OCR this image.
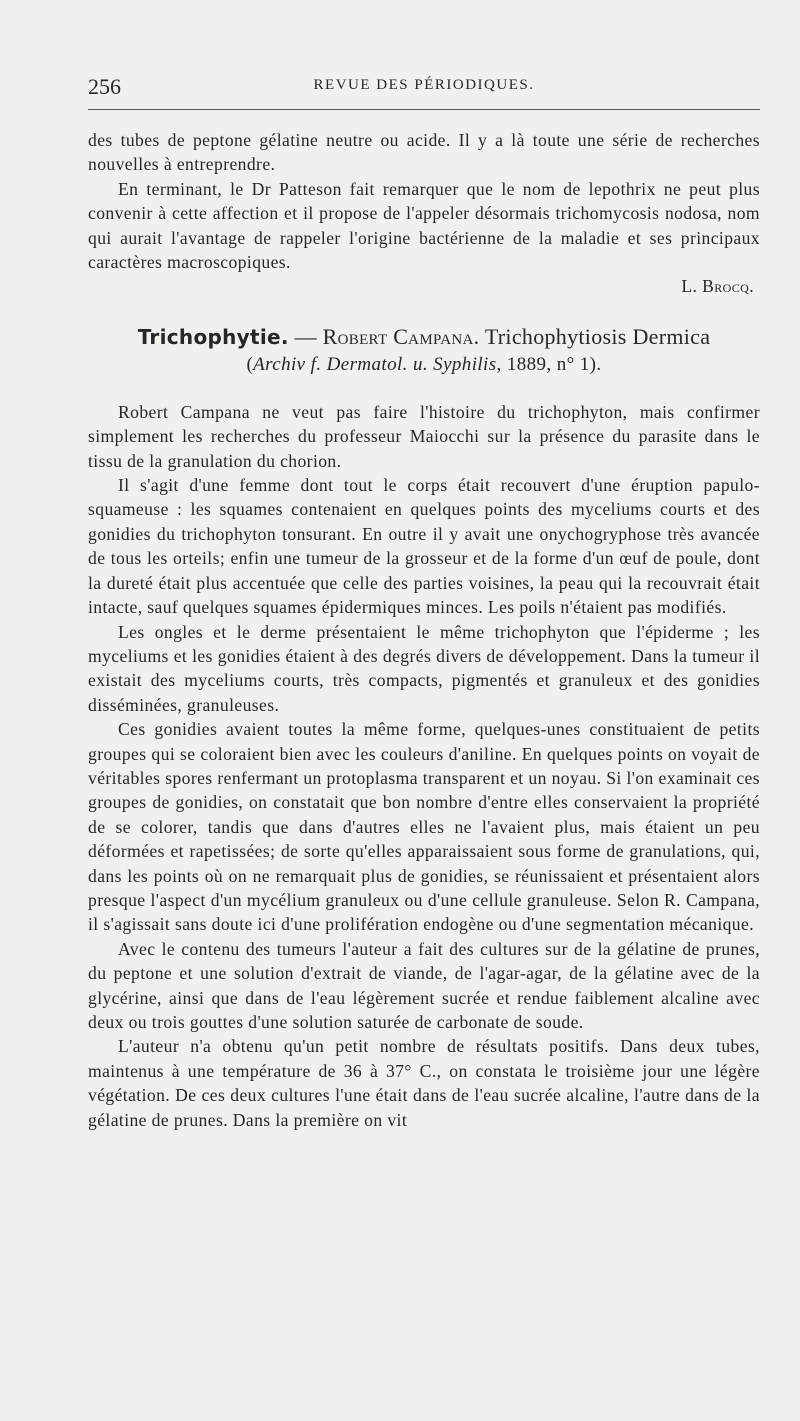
256	REVUE DES PÉRIODIQUES.

des tubes de peptone gélatine neutre ou acide. Il y a là toute une série de recherches nouvelles à entreprendre.

En terminant, le Dr Patteson fait remarquer que le nom de lepothrix ne peut plus convenir à cette affection et il propose de l'appeler désormais trichomycosis nodosa, nom qui aurait l'avantage de rappeler l'origine bactérienne de la maladie et ses principaux caractères macroscopiques.

L. Brocq.

Trichophytie. — Robert Campana. Trichophytiosis Dermica
(Archiv f. Dermatol. u. Syphilis, 1889, n° 1).

Robert Campana ne veut pas faire l'histoire du trichophyton, mais confirmer simplement les recherches du professeur Maiocchi sur la présence du parasite dans le tissu de la granulation du chorion.

Il s'agit d'une femme dont tout le corps était recouvert d'une éruption papulo-squameuse : les squames contenaient en quelques points des myceliums courts et des gonidies du trichophyton tonsurant. En outre il y avait une onychogryphose très avancée de tous les orteils; enfin une tumeur de la grosseur et de la forme d'un œuf de poule, dont la dureté était plus accentuée que celle des parties voisines, la peau qui la recouvrait était intacte, sauf quelques squames épidermiques minces. Les poils n'étaient pas modifiés.

Les ongles et le derme présentaient le même trichophyton que l'épiderme ; les myceliums et les gonidies étaient à des degrés divers de développement. Dans la tumeur il existait des myceliums courts, très compacts, pigmentés et granuleux et des gonidies disséminées, granuleuses.

Ces gonidies avaient toutes la même forme, quelques-unes constituaient de petits groupes qui se coloraient bien avec les couleurs d'aniline. En quelques points on voyait de véritables spores renfermant un protoplasma transparent et un noyau. Si l'on examinait ces groupes de gonidies, on constatait que bon nombre d'entre elles conservaient la propriété de se colorer, tandis que dans d'autres elles ne l'avaient plus, mais étaient un peu déformées et rapetissées; de sorte qu'elles apparaissaient sous forme de granulations, qui, dans les points où on ne remarquait plus de gonidies, se réunissaient et présentaient alors presque l'aspect d'un mycélium granuleux ou d'une cellule granuleuse. Selon R. Campana, il s'agissait sans doute ici d'une prolifération endogène ou d'une segmentation mécanique.

Avec le contenu des tumeurs l'auteur a fait des cultures sur de la gélatine de prunes, du peptone et une solution d'extrait de viande, de l'agar-agar, de la gélatine avec de la glycérine, ainsi que dans de l'eau légèrement sucrée et rendue faiblement alcaline avec deux ou trois gouttes d'une solution saturée de carbonate de soude.

L'auteur n'a obtenu qu'un petit nombre de résultats positifs. Dans deux tubes, maintenus à une température de 36 à 37° C., on constata le troisième jour une légère végétation. De ces deux cultures l'une était dans de l'eau sucrée alcaline, l'autre dans de la gélatine de prunes. Dans la première on vit
